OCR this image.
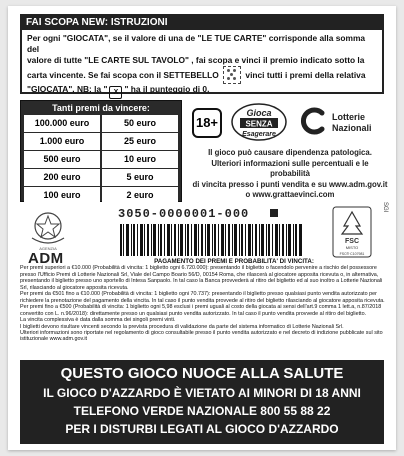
FAI SCOPA NEW: ISTRUZIONI
Per ogni "GIOCATA", se il valore di una de "LE TUE CARTE" corrisponde alla somma del
valore di tutte "LE CARTE SUL TAVOLO" , fai scopa e vinci il premio indicato sotto la
carta vincente. Se fai scopa con il SETTEBELLO	vinci tutti i premi della relativa
"GIOCATA". NB: la " X " ha il punteggio di 0.
Tanti premi da vincere:
100.000 euro	50 euro
1.000 euro	25 euro
500 euro	10 euro
200 euro	5 euro
100 euro	2 euro
18+
Gioca
SENZA
Esagerare
Lotterie
Nazionali
Il gioco può causare dipendenza patologica.
Ulteriori informazioni sulle percentuali e le probabilità
di vincita presso i punti vendita e su www.adm.gov.it
o www.grattaevinci.com
AGENZIA
ADM
3050-0000001-000
FSC
MISTO
FSC® C107981
SGI
PAGAMENTO DEI PREMI E PROBABILITA' DI VINCITA:

Per premi superiori a €10.000 (Probabilità di vincita: 1 biglietto ogni 6.720.000): presentando il biglietto o facendolo pervenire a rischio del possessore presso l'Ufficio Premi di Lotterie Nazionali Srl, Viale del Campo Boario 56/D, 00154 Roma, che rilascerà al giocatore apposita ricevuta o, in alternativa, presentando il biglietto presso uno sportello di Intesa Sanpaolo. In tal caso la Banca provvederà al ritiro del biglietto ed al suo inoltro a Lotterie Nazionali Srl, rilasciando al giocatore apposita ricevuta.

Per premi da €501 fino a €10.000 (Probabilità di vincita: 1 biglietto ogni 70.737): presentando il biglietto presso qualsiasi punto vendita autorizzato per richiedere la prenotazione del pagamento della vincita. In tal caso il punto vendita provvede al ritiro del biglietto rilasciando al giocatore apposita ricevuta.

Per premi fino a €500 (Probabilità di vincita: 1 biglietto ogni 5,98 esclusi i premi uguali al costo della giocata ai sensi dell'art.9 comma 1 lett.a, n.87/2018 convertito con L. n.96/2018): direttamente presso un qualsiasi punto vendita autorizzato. In tal caso il punto vendita provvede al ritiro del biglietto.

La vincita complessiva è data dalla somma dei singoli premi vinti.

I biglietti devono risultare vincenti secondo la prevista procedura di validazione da parte del sistema informatico di Lotterie Nazionali Srl.

Ulteriori informazioni sono riportate nel regolamento di gioco consultabile presso il punto vendita autorizzato e nel decreto di indizione pubblicate sul sito istituzionale www.adm.gov.it

QUESTO GIOCO NUOCE ALLA SALUTE
IL GIOCO D'AZZARDO È VIETATO AI MINORI DI 18 ANNI
TELEFONO VERDE NAZIONALE 800 55 88 22
PER I DISTURBI LEGATI AL GIOCO D'AZZARDO
